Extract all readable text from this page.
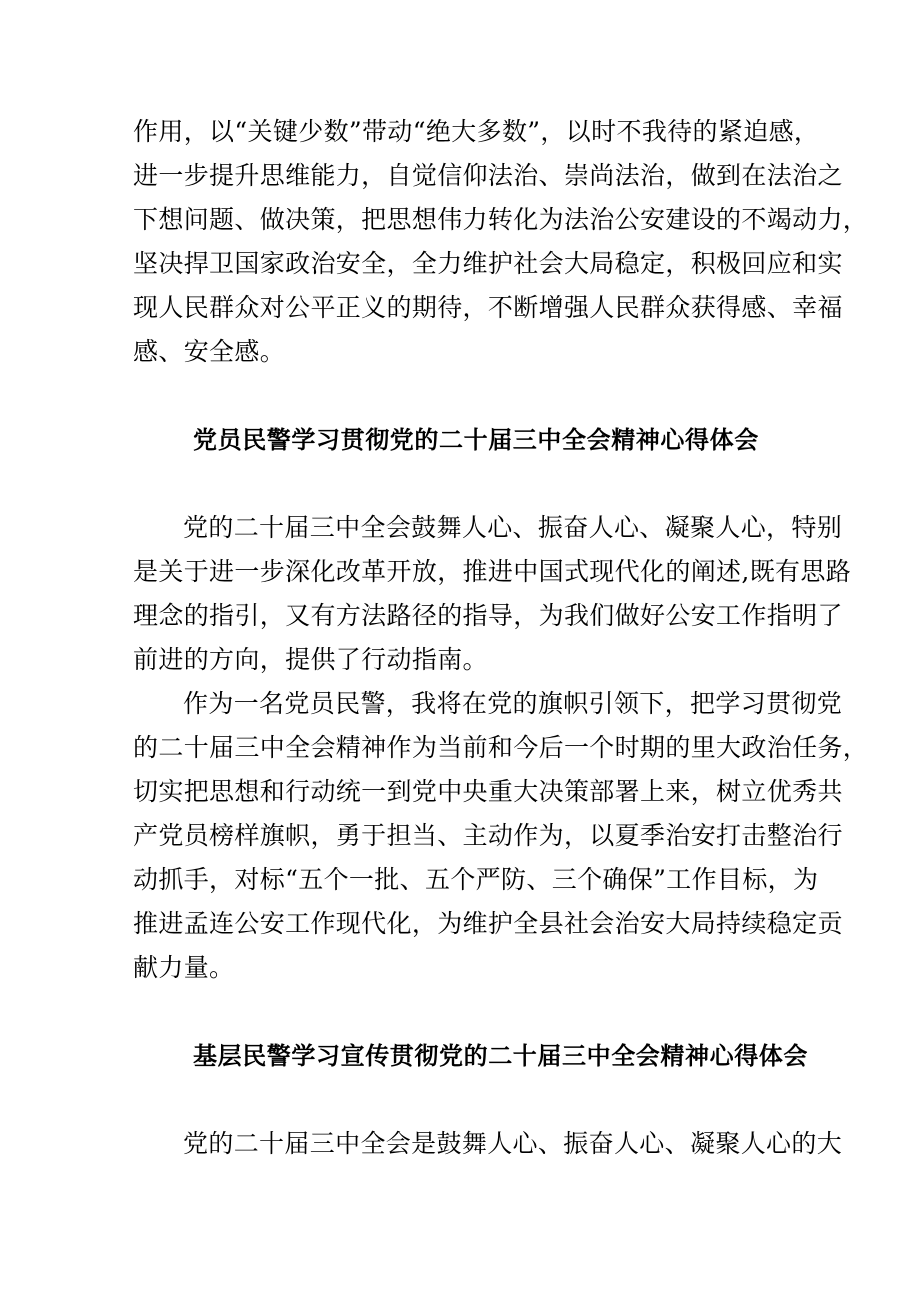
作用，以“关键少数”带动“绝大多数”，以时不我待的紧迫感，

进一步提升思维能力，自觉信仰法治、崇尚法治，做到在法治之

下想问题、做决策，把思想伟力转化为法治公安建设的不竭动力，

坚决捍卫国家政治安全，全力维护社会大局稳定，积极回应和实

现人民群众对公平正义的期待，不断增强人民群众获得感、幸福

感、安全感。

党员民警学习贯彻党的二十届三中全会精神心得体会

党的二十届三中全会鼓舞人心、振奋人心、凝聚人心，特别

是关于进一步深化改革开放，推进中国式现代化的阐述,既有思路

理念的指引，又有方法路径的指导，为我们做好公安工作指明了

前进的方向，提供了行动指南。

作为一名党员民警，我将在党的旗帜引领下，把学习贯彻党

的二十届三中全会精神作为当前和今后一个时期的里大政治任务，

切实把思想和行动统一到党中央重大决策部署上来，树立优秀共

产党员榜样旗帜，勇于担当、主动作为，以夏季治安打击整治行

动抓手，对标“五个一批、五个严防、三个确保”工作目标，为

推进孟连公安工作现代化，为维护全县社会治安大局持续稳定贡

献力量。

基层民警学习宣传贯彻党的二十届三中全会精神心得体会

党的二十届三中全会是鼓舞人心、振奋人心、凝聚人心的大
